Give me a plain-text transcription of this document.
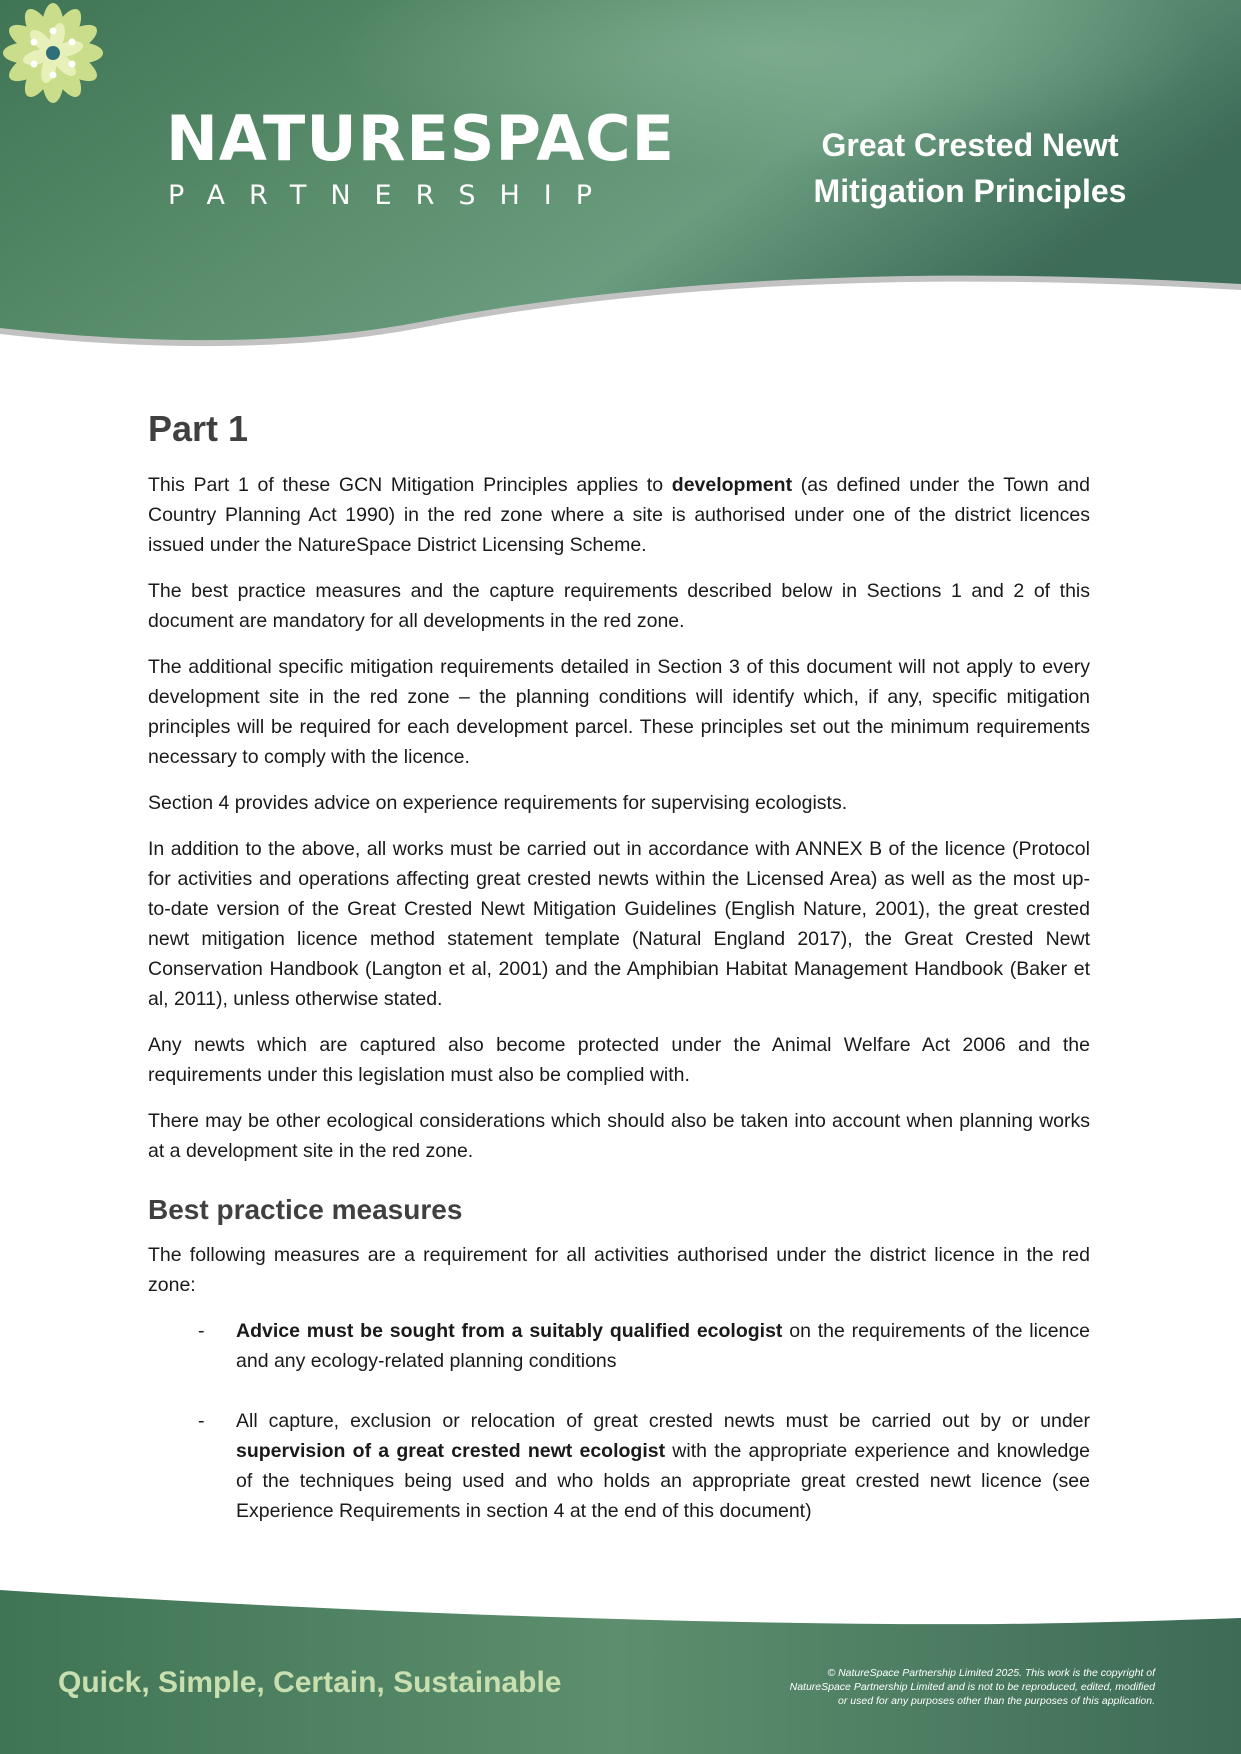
NATURESPACE
PARTNERSHIP
Great Crested Newt
Mitigation Principles
Part 1

This Part 1 of these GCN Mitigation Principles applies to development (as defined under the Town and Country Planning Act 1990) in the red zone where a site is authorised under one of the district licences issued under the NatureSpace District Licensing Scheme.

The best practice measures and the capture requirements described below in Sections 1 and 2 of this document are mandatory for all developments in the red zone.

The additional specific mitigation requirements detailed in Section 3 of this document will not apply to every development site in the red zone – the planning conditions will identify which, if any, specific mitigation principles will be required for each development parcel. These principles set out the minimum requirements necessary to comply with the licence.

Section 4 provides advice on experience requirements for supervising ecologists.

In addition to the above, all works must be carried out in accordance with ANNEX B of the licence (Protocol for activities and operations affecting great crested newts within the Licensed Area) as well as the most up-to-date version of the Great Crested Newt Mitigation Guidelines (English Nature, 2001), the great crested newt mitigation licence method statement template (Natural England 2017), the Great Crested Newt Conservation Handbook (Langton et al, 2001) and the Amphibian Habitat Management Handbook (Baker et al, 2011), unless otherwise stated.

Any newts which are captured also become protected under the Animal Welfare Act 2006 and the requirements under this legislation must also be complied with.

There may be other ecological considerations which should also be taken into account when planning works at a development site in the red zone.

Best practice measures

The following measures are a requirement for all activities authorised under the district licence in the red zone:

- Advice must be sought from a suitably qualified ecologist on the requirements of the licence and any ecology-related planning conditions
- All capture, exclusion or relocation of great crested newts must be carried out by or under supervision of a great crested newt ecologist with the appropriate experience and knowledge of the techniques being used and who holds an appropriate great crested newt licence (see Experience Requirements in section 4 at the end of this document)
Quick, Simple, Certain, Sustainable	© NatureSpace Partnership Limited 2025. This work is the copyright of
NatureSpace Partnership Limited and is not to be reproduced, edited, modified
or used for any purposes other than the purposes of this application.
